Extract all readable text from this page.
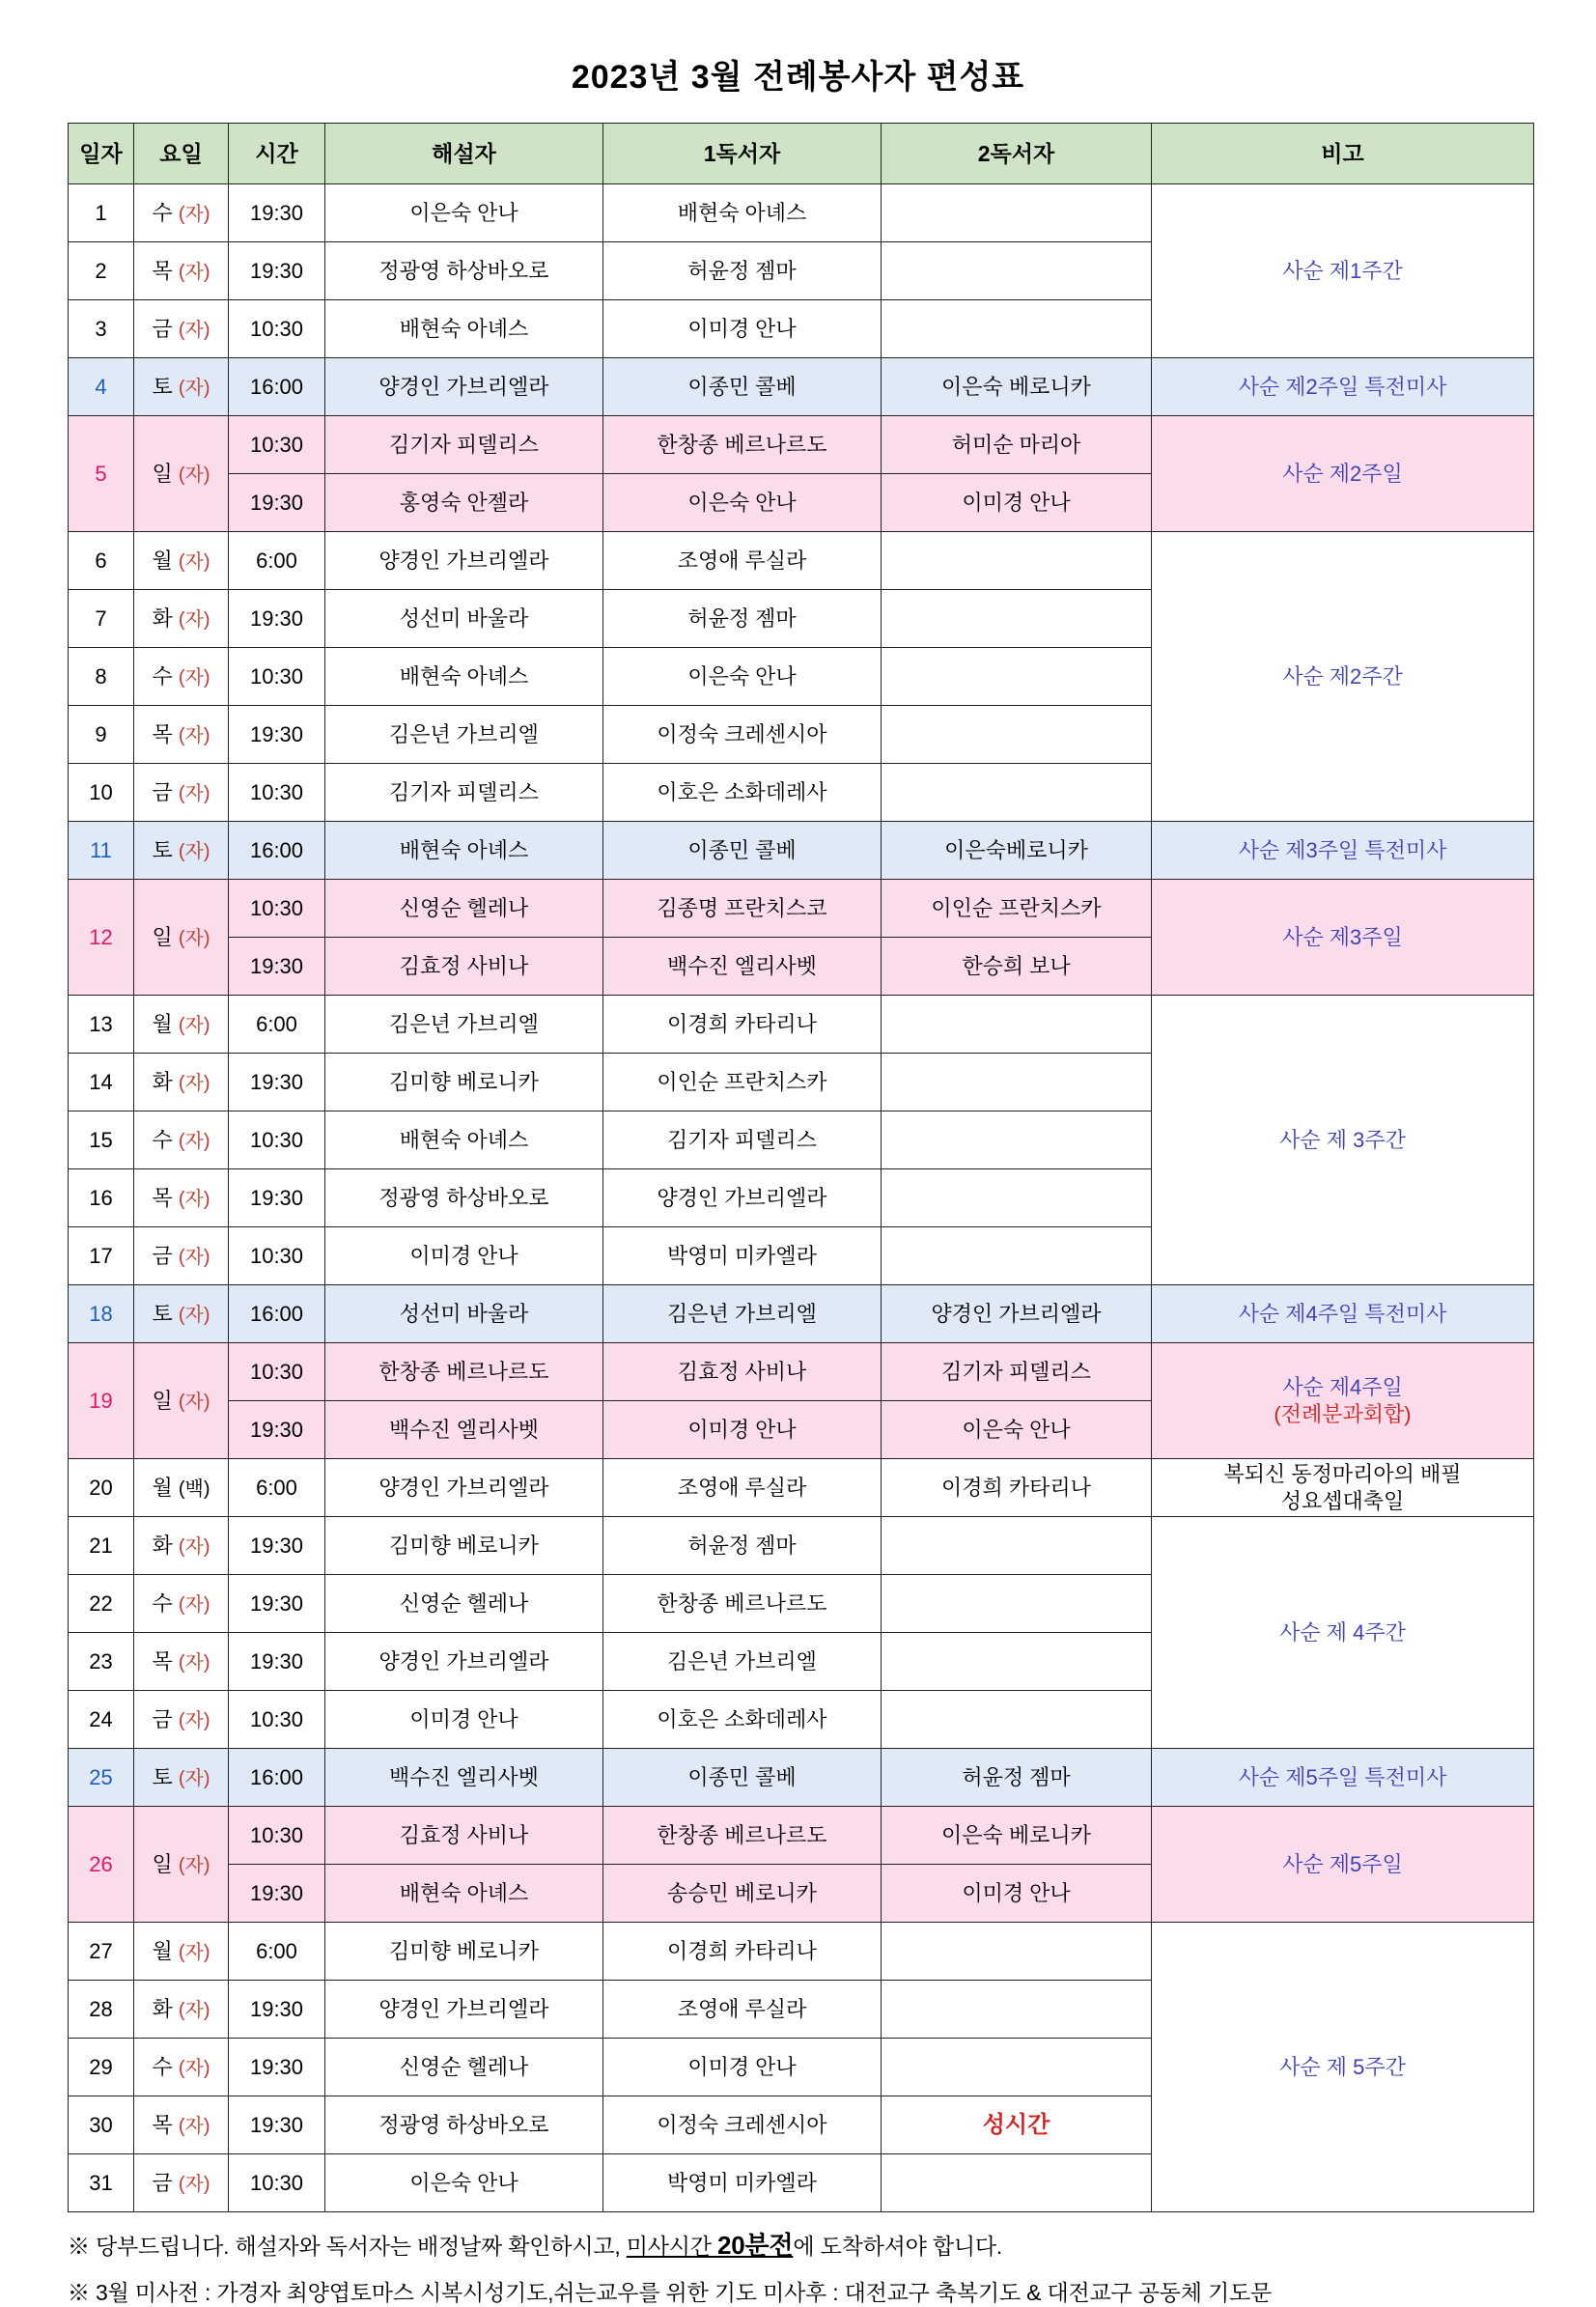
2023년 3월 전례봉사자 편성표
일자	요일	시간	해설자	1독서자	2독서자	비고
1	수 (자)	19:30	이은숙 안나	배현숙 아녜스		사순 제1주간

2	목 (자)	19:30	정광영 하상바오로	허윤정 젬마		
3	금 (자)	10:30	배현숙 아녜스	이미경 안나		
4	토 (자)	16:00	양경인 가브리엘라	이종민 콜베	이은숙 베로니카	사순 제2주일 특전미사

5	일 (자)	10:30	김기자 피델리스	한창종 베르나르도	허미순 마리아	사순 제2주일

		19:30	홍영숙 안젤라	이은숙 안나	이미경 안나	
6	월 (자)	6:00	양경인 가브리엘라	조영애 루실라		사순 제2주간

7	화 (자)	19:30	성선미 바울라	허윤정 젬마		
8	수 (자)	10:30	배현숙 아녜스	이은숙 안나		
9	목 (자)	19:30	김은년 가브리엘	이정숙 크레센시아		
10	금 (자)	10:30	김기자 피델리스	이호은 소화데레사		
11	토 (자)	16:00	배현숙 아녜스	이종민 콜베	이은숙베로니카	사순 제3주일 특전미사

12	일 (자)	10:30	신영순 헬레나	김종명 프란치스코	이인순 프란치스카	사순 제3주일

		19:30	김효정 사비나	백수진 엘리사벳	한승희 보나	
13	월 (자)	6:00	김은년 가브리엘	이경희 카타리나		사순 제 3주간

14	화 (자)	19:30	김미향 베로니카	이인순 프란치스카		
15	수 (자)	10:30	배현숙 아녜스	김기자 피델리스		
16	목 (자)	19:30	정광영 하상바오로	양경인 가브리엘라		
17	금 (자)	10:30	이미경 안나	박영미 미카엘라		
18	토 (자)	16:00	성선미 바울라	김은년 가브리엘	양경인 가브리엘라	사순 제4주일 특전미사

19	일 (자)	10:30	한창종 베르나르도	김효정 사비나	김기자 피델리스	사순 제4주일
(전례분과회합)

		19:30	백수진 엘리사벳	이미경 안나	이은숙 안나	
20	월 (백)	6:00	양경인 가브리엘라	조영애 루실라	이경희 카타리나	복되신 동정마리아의 배필
성요셉대축일

21	화 (자)	19:30	김미향 베로니카	허윤정 젬마		사순 제 4주간

22	수 (자)	19:30	신영순 헬레나	한창종 베르나르도		
23	목 (자)	19:30	양경인 가브리엘라	김은년 가브리엘		
24	금 (자)	10:30	이미경 안나	이호은 소화데레사		
25	토 (자)	16:00	백수진 엘리사벳	이종민 콜베	허윤정 젬마	사순 제5주일 특전미사

26	일 (자)	10:30	김효정 사비나	한창종 베르나르도	이은숙 베로니카	사순 제5주일

		19:30	배현숙 아녜스	송승민 베로니카	이미경 안나	
27	월 (자)	6:00	김미향 베로니카	이경희 카타리나		사순 제 5주간

28	화 (자)	19:30	양경인 가브리엘라	조영애 루실라		
29	수 (자)	19:30	신영순 헬레나	이미경 안나		
30	목 (자)	19:30	정광영 하상바오로	이정숙 크레센시아	성시간	
31	금 (자)	10:30	이은숙 안나	박영미 미카엘라		

※ 당부드립니다. 해설자와 독서자는 배정날짜 확인하시고, 미사시간 20분전에 도착하셔야 합니다.

※ 3월 미사전 : 가경자 최양엽토마스 시복시성기도,쉬는교우를 위한 기도 미사후 : 대전교구 축복기도 & 대전교구 공동체 기도문
